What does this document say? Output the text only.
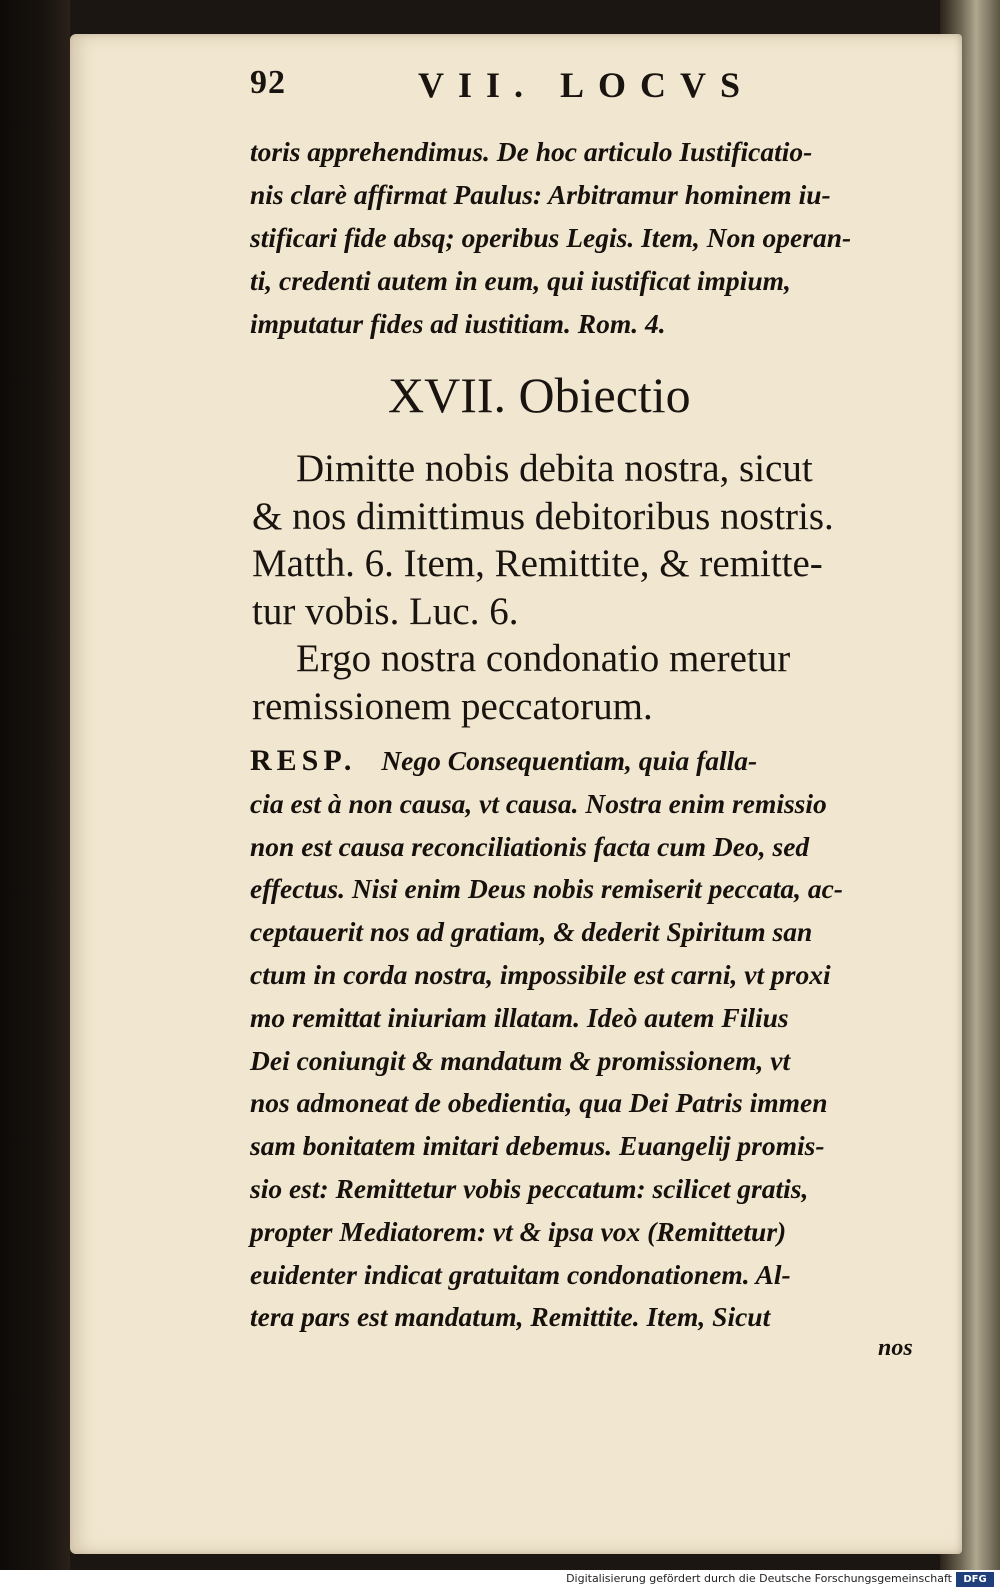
92	VII. LOCVS
toris apprehendimus. De hoc articulo Iustificatio-
nis clarè affirmat Paulus: Arbitramur hominem iu-
stificari fide absq; operibus Legis. Item, Non operan-
ti, credenti autem in eum, qui iustificat impium,
imputatur fides ad iustitiam. Rom. 4.
XVII. Obiectio
Dimitte nobis debita nostra, sicut
& nos dimittimus debitoribus nostris.
Matth. 6. Item, Remittite, & remitte-
tur vobis. Luc. 6.
Ergo nostra condonatio meretur
remissionem peccatorum.
RESP. Nego Consequentiam, quia falla-
cia est à non causa, vt causa. Nostra enim remissio
non est causa reconciliationis facta cum Deo, sed
effectus. Nisi enim Deus nobis remiserit peccata, ac-
ceptauerit nos ad gratiam, & dederit Spiritum san
ctum in corda nostra, impossibile est carni, vt proxi
mo remittat iniuriam illatam. Ideò autem Filius
Dei coniungit & mandatum & promissionem, vt
nos admoneat de obedientia, qua Dei Patris immen
sam bonitatem imitari debemus. Euangelij promis-
sio est: Remittetur vobis peccatum: scilicet gratis,
propter Mediatorem: vt & ipsa vox (Remittetur)
euidenter indicat gratuitam condonationem. Al-
tera pars est mandatum, Remittite. Item, Sicut
nos
Digitalisierung gefördert durch die Deutsche Forschungsgemeinschaft	DFG
